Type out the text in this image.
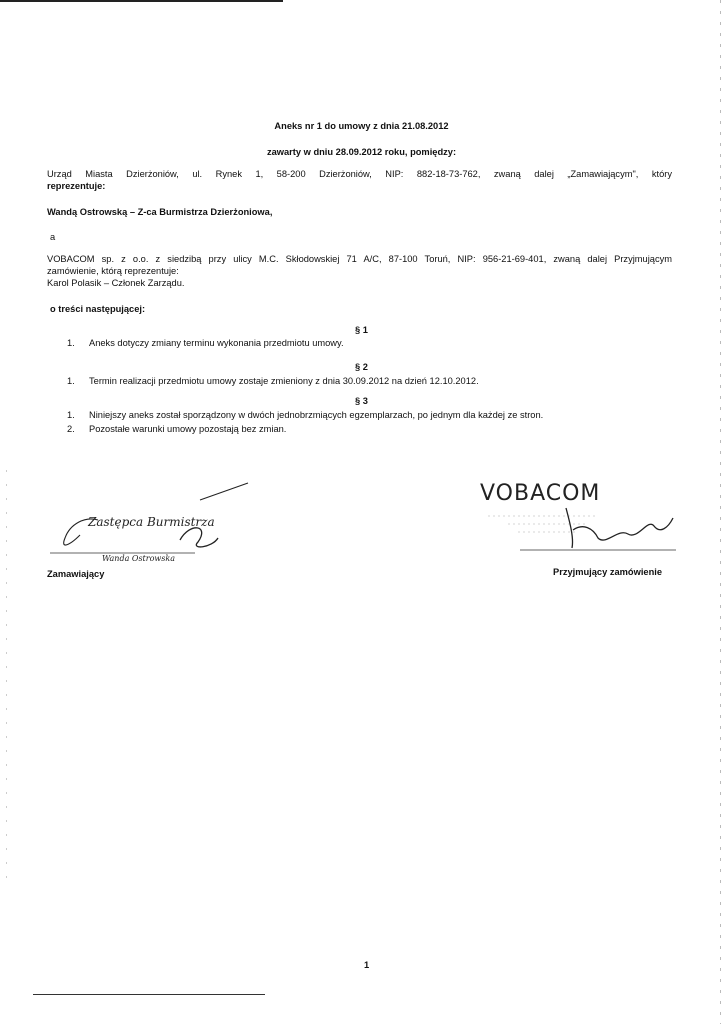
Aneks nr 1 do umowy z dnia 21.08.2012
zawarty w dniu 28.09.2012 roku, pomiędzy:
Urząd Miasta Dzierżoniów, ul. Rynek 1, 58-200 Dzierżoniów, NIP: 882-18-73-762, zwaną dalej „Zamawiającym", który
reprezentuje:
Wandą Ostrowską – Z-ca Burmistrza Dzierżoniowa,
a
VOBACOM sp. z o.o. z siedzibą przy ulicy M.C. Skłodowskiej 71 A/C, 87-100 Toruń, NIP: 956-21-69-401, zwaną dalej Przyjmującym
zamówienie, którą reprezentuje:
Karol Polasik – Członek Zarządu.
o treści następującej:
§ 1
1. Aneks dotyczy zmiany terminu wykonania przedmiotu umowy.
§ 2
1. Termin realizacji przedmiotu umowy zostaje zmieniony z dnia 30.09.2012 na dzień 12.10.2012.
§ 3
1. Niniejszy aneks został sporządzony w dwóch jednobrzmiących egzemplarzach, po jednym dla każdej ze stron.
2. Pozostałe warunki umowy pozostają bez zmian.
Zastępca Burmistrza
Wanda Ostrowska
Zamawiający
VOBACOM
Przyjmujący zamówienie
1
